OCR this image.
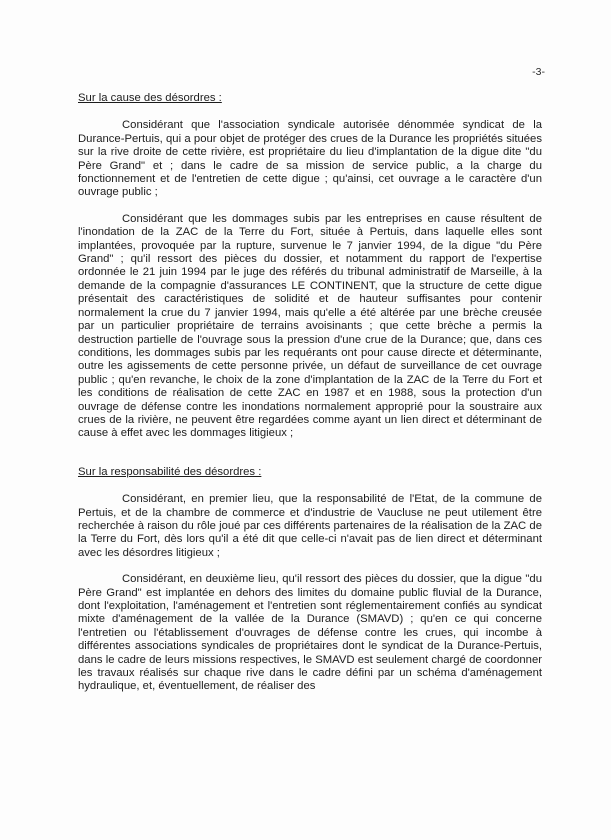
-3-

Sur la cause des désordres :

Considérant que l'association syndicale autorisée dénommée syndicat de la Durance-Pertuis, qui a pour objet de protéger des crues de la Durance les propriétés situées sur la rive droite de cette rivière, est propriétaire du lieu d'implantation de la digue dite "du Père Grand" et ; dans le cadre de sa mission de service public, a la charge du fonctionnement et de l'entretien de cette digue ; qu'ainsi, cet ouvrage a le caractère d'un ouvrage public ;

Considérant que les dommages subis par les entreprises en cause résultent de l'inondation de la ZAC de la Terre du Fort, située à Pertuis, dans laquelle elles sont implantées, provoquée par la rupture, survenue le 7 janvier 1994, de la digue "du Père Grand" ; qu'il ressort des pièces du dossier, et notamment du rapport de l'expertise ordonnée le 21 juin 1994 par le juge des référés du tribunal administratif de Marseille, à la demande de la compagnie d'assurances LE CONTINENT, que la structure de cette digue présentait des caractéristiques de solidité et de hauteur suffisantes pour contenir normalement la crue du 7 janvier 1994, mais qu'elle a été altérée par une brèche creusée par un particulier propriétaire de terrains avoisinants ; que cette brèche a permis la destruction partielle de l'ouvrage sous la pression d'une crue de la Durance; que, dans ces conditions, les dommages subis par les requérants ont pour cause directe et déterminante, outre les agissements de cette personne privée, un défaut de surveillance de cet ouvrage public ; qu'en revanche, le choix de la zone d'implantation de la ZAC de la Terre du Fort et les conditions de réalisation de cette ZAC en 1987 et en 1988, sous la protection d'un ouvrage de défense contre les inondations normalement approprié pour la soustraire aux crues de la rivière, ne peuvent être regardées comme ayant un lien direct et déterminant de cause à effet avec les dommages litigieux ;

Sur la responsabilité des désordres :

Considérant, en premier lieu, que la responsabilité de l'Etat, de la commune de Pertuis, et de la chambre de commerce et d'industrie de Vaucluse ne peut utilement être recherchée à raison du rôle joué par ces différents partenaires de la réalisation de la ZAC de la Terre du Fort, dès lors qu'il a été dit que celle-ci n'avait pas de lien direct et déterminant avec les désordres litigieux ;

Considérant, en deuxième lieu, qu'il ressort des pièces du dossier, que la digue "du Père Grand" est implantée en dehors des limites du domaine public fluvial de la Durance, dont l'exploitation, l'aménagement et l'entretien sont réglementairement confiés au syndicat mixte d'aménagement de la vallée de la Durance (SMAVD) ; qu'en ce qui concerne l'entretien ou l'établissement d'ouvrages de défense contre les crues, qui incombe à différentes associations syndicales de propriétaires dont le syndicat de la Durance-Pertuis, dans le cadre de leurs missions respectives, le SMAVD est seulement chargé de coordonner les travaux réalisés sur chaque rive dans le cadre défini par un schéma d'aménagement hydraulique, et, éventuellement, de réaliser des
